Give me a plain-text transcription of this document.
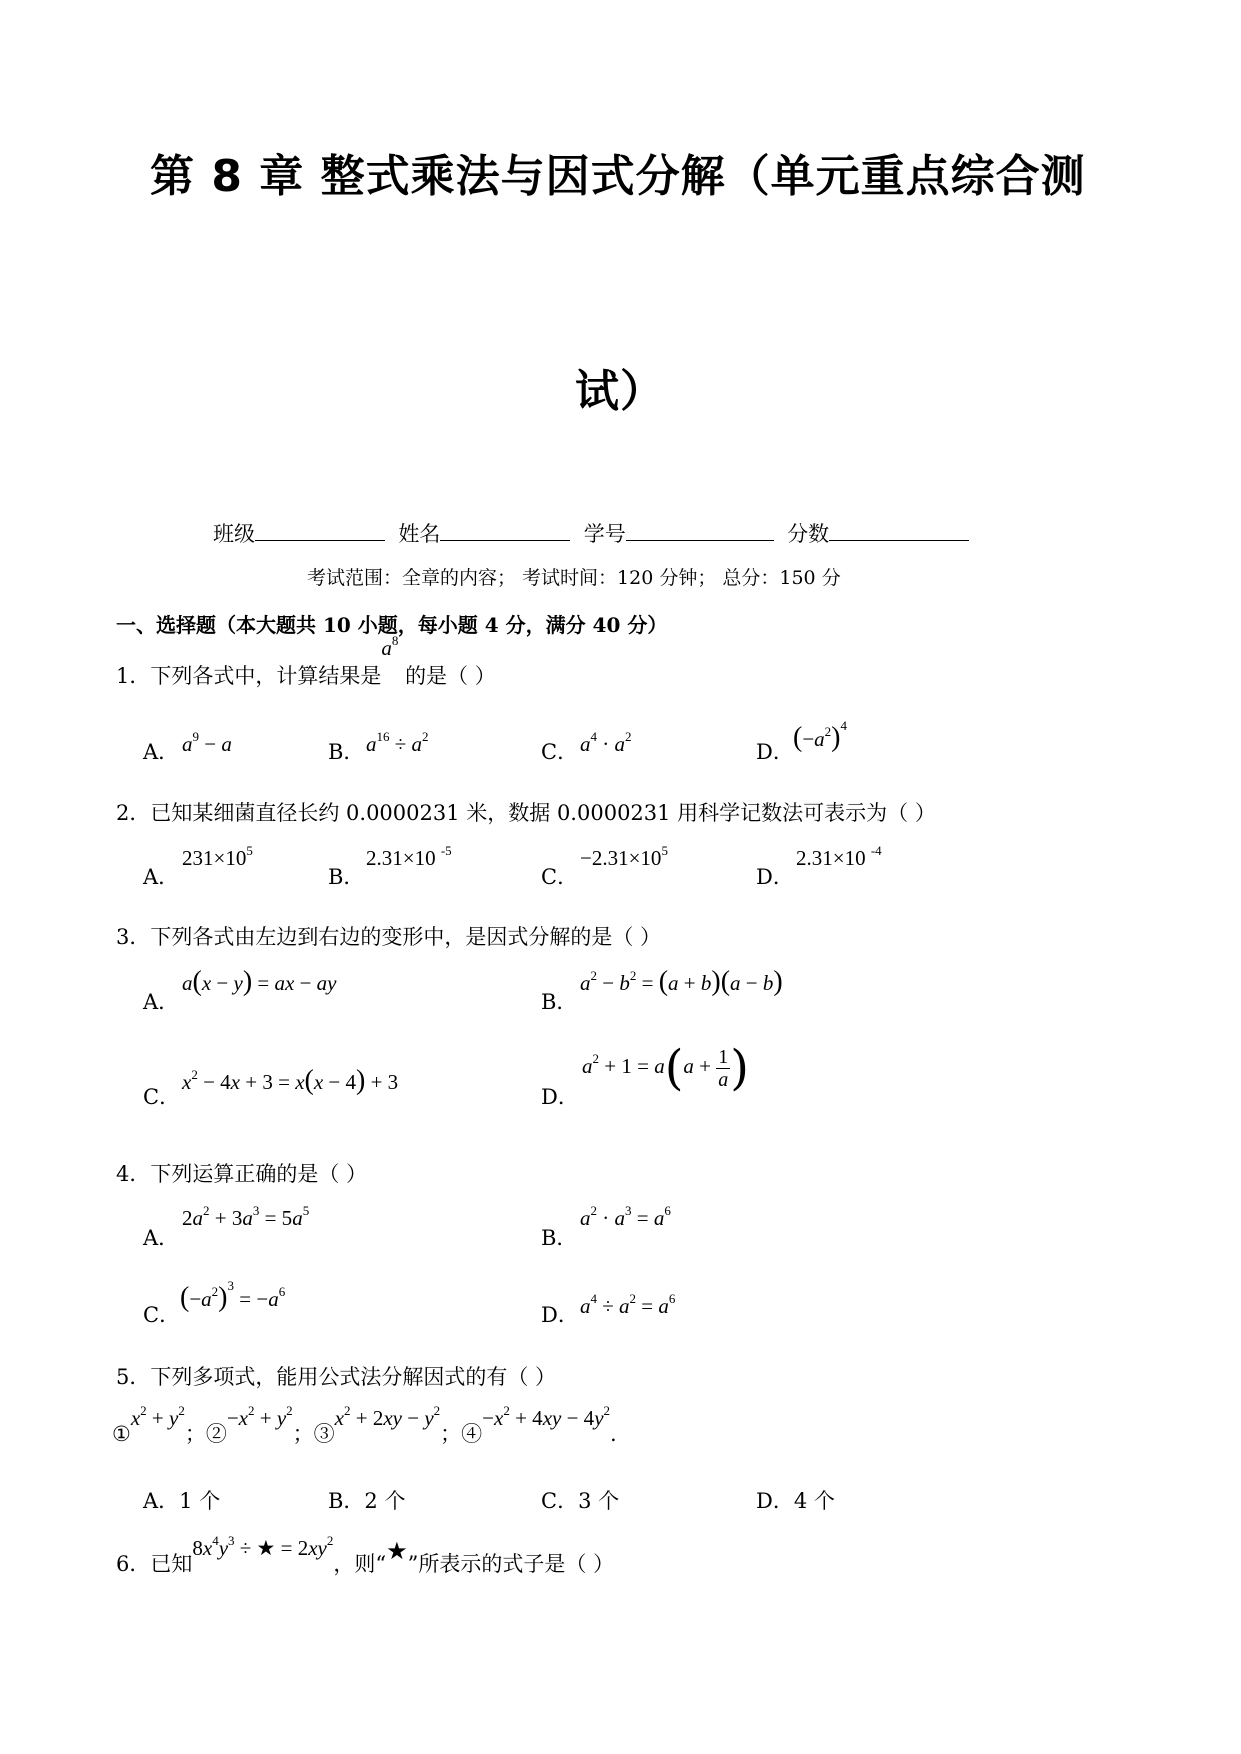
第 8 章 整式乘法与因式分解（单元重点综合测
试）
班级	姓名	学号	分数
考试范围：全章的内容； 考试时间：120 分钟； 总分：150 分
一、选择题（本大题共 10 小题，每小题 4 分，满分 40 分）
1．下列各式中，计算结果是$a^8$ 的是（ ）
A． $a^9 - a$	B． $a^{16} \div a^2$
C． $a^4 \cdot a^2$
D． $(-a^2)^4$
2．已知某细菌直径长约 0.0000231 米，数据 0.0000231 用科学记数法可表示为（ ）
A．
$231\times 10^5$
B．
2.31×10 $^{-5}$
C．
$-2.31\times 10^5$
D．
2.31×10 $^{-4}$
3．下列各式由左边到右边的变形中，是因式分解的是（ ）
A．
a(x − y) = ax − ay
B．
$a^2 - b^2 = (a + b)(a - b)$
C．
$x^2 - 4x + 3 = x(x - 4) + 3$
D．
$a^2 + 1 = a(a + \frac{1}{a}$ )
4．下列运算正确的是（ ）
A．
$2a^2 + 3a^3 = 5a^5$
B．
$a^2 \cdot a^3 = a^6$
C．
$(-a^2)^3 = -a^6$
D． $a^4 \div a^2 = a^6$
5．下列多项式，能用公式法分解因式的有（ ）
$①x^2 + y^2$；$②-x^2 + y^2$；$③x^2 + 2xy - y^2$；$④-x^2 + 4xy - 4y^2$.
A．1 个	B．2 个	C．3 个	D．4 个
6．已知$8x^4y^3$ ÷ ★ = $2xy^2$，则“★”所表示的式子是（ ）
